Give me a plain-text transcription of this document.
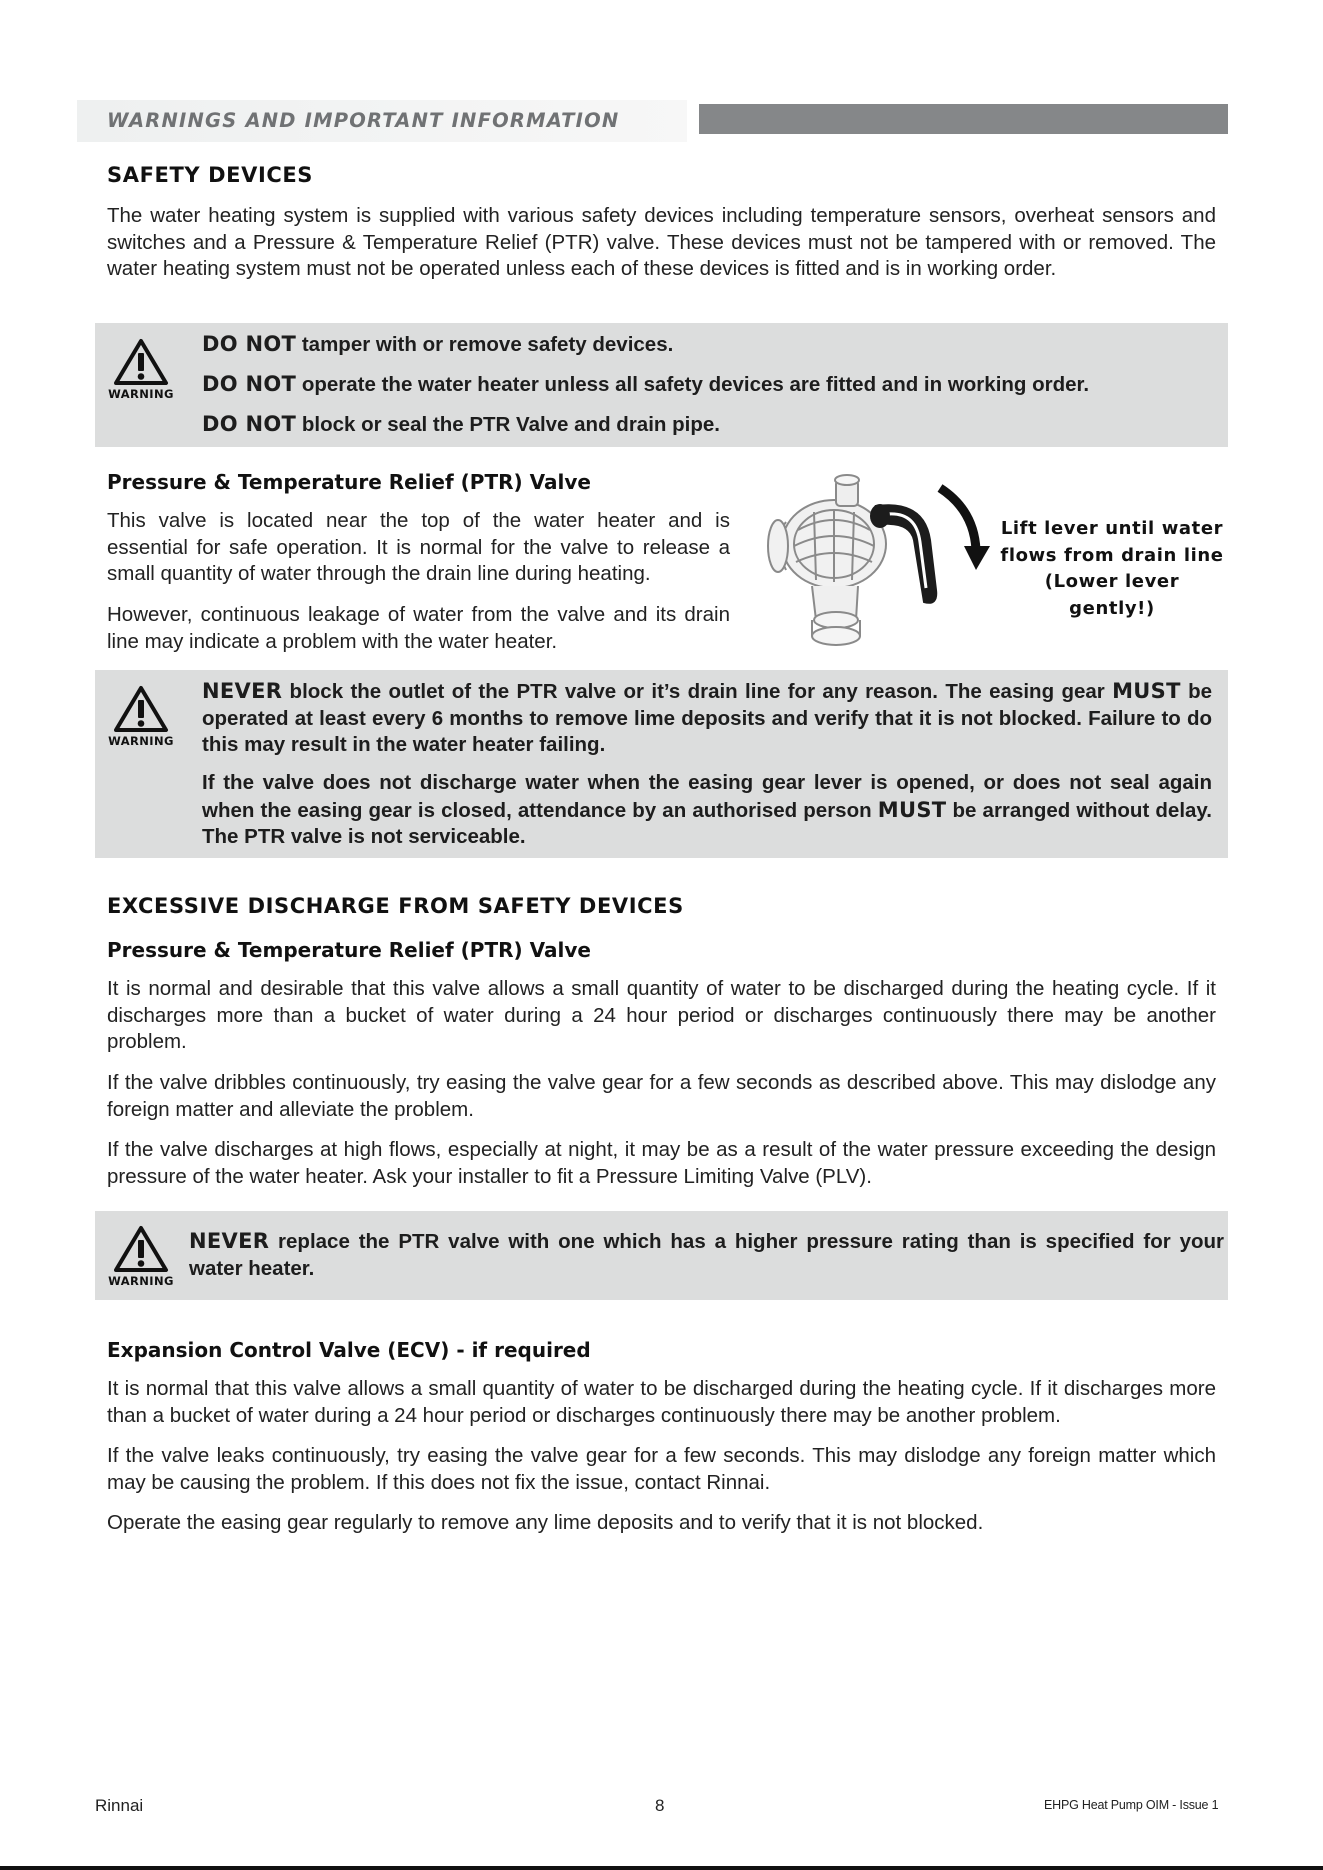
WARNINGS AND IMPORTANT INFORMATION
SAFETY DEVICES

The water heating system is supplied with various safety devices including temperature sensors, overheat sensors and switches and a Pressure & Temperature Relief (PTR) valve. These devices must not be tampered with or removed. The water heating system must not be operated unless each of these devices is fitted and is in working order.

WARNING

DO NOT tamper with or remove safety devices.

DO NOT operate the water heater unless all safety devices are fitted and in working order.

DO NOT block or seal the PTR Valve and drain pipe.

Pressure & Temperature Relief (PTR) Valve

This valve is located near the top of the water heater and is essential for safe operation. It is normal for the valve to release a small quantity of water through the drain line during heating.

However, continuous leakage of water from the valve and its drain line may indicate a problem with the water heater.

Lift lever until water
flows from drain line
(Lower lever gently!)
WARNING

NEVER block the outlet of the PTR valve or it’s drain line for any reason. The easing gear MUST be operated at least every 6 months to remove lime deposits and verify that it is not blocked. Failure to do this may result in the water heater failing.

If the valve does not discharge water when the easing gear lever is opened, or does not seal again when the easing gear is closed, attendance by an authorised person MUST be arranged without delay. The PTR valve is not serviceable.

EXCESSIVE DISCHARGE FROM SAFETY DEVICES
Pressure & Temperature Relief (PTR) Valve

It is normal and desirable that this valve allows a small quantity of water to be discharged during the heating cycle. If it discharges more than a bucket of water during a 24 hour period or discharges continuously there may be another problem.

If the valve dribbles continuously, try easing the valve gear for a few seconds as described above. This may dislodge any foreign matter and alleviate the problem.

If the valve discharges at high flows, especially at night, it may be as a result of the water pressure exceeding the design pressure of the water heater. Ask your installer to fit a Pressure Limiting Valve (PLV).

WARNING

NEVER replace the PTR valve with one which has a higher pressure rating than is specified for your water heater.

Expansion Control Valve (ECV) - if required

It is normal that this valve allows a small quantity of water to be discharged during the heating cycle. If it discharges more than a bucket of water during a 24 hour period or discharges continuously there may be another problem.

If the valve leaks continuously, try easing the valve gear for a few seconds. This may dislodge any foreign matter which may be causing the problem. If this does not fix the issue, contact Rinnai.

Operate the easing gear regularly to remove any lime deposits and to verify that it is not blocked.

Rinnai	8	EHPG Heat Pump OIM - Issue 1
